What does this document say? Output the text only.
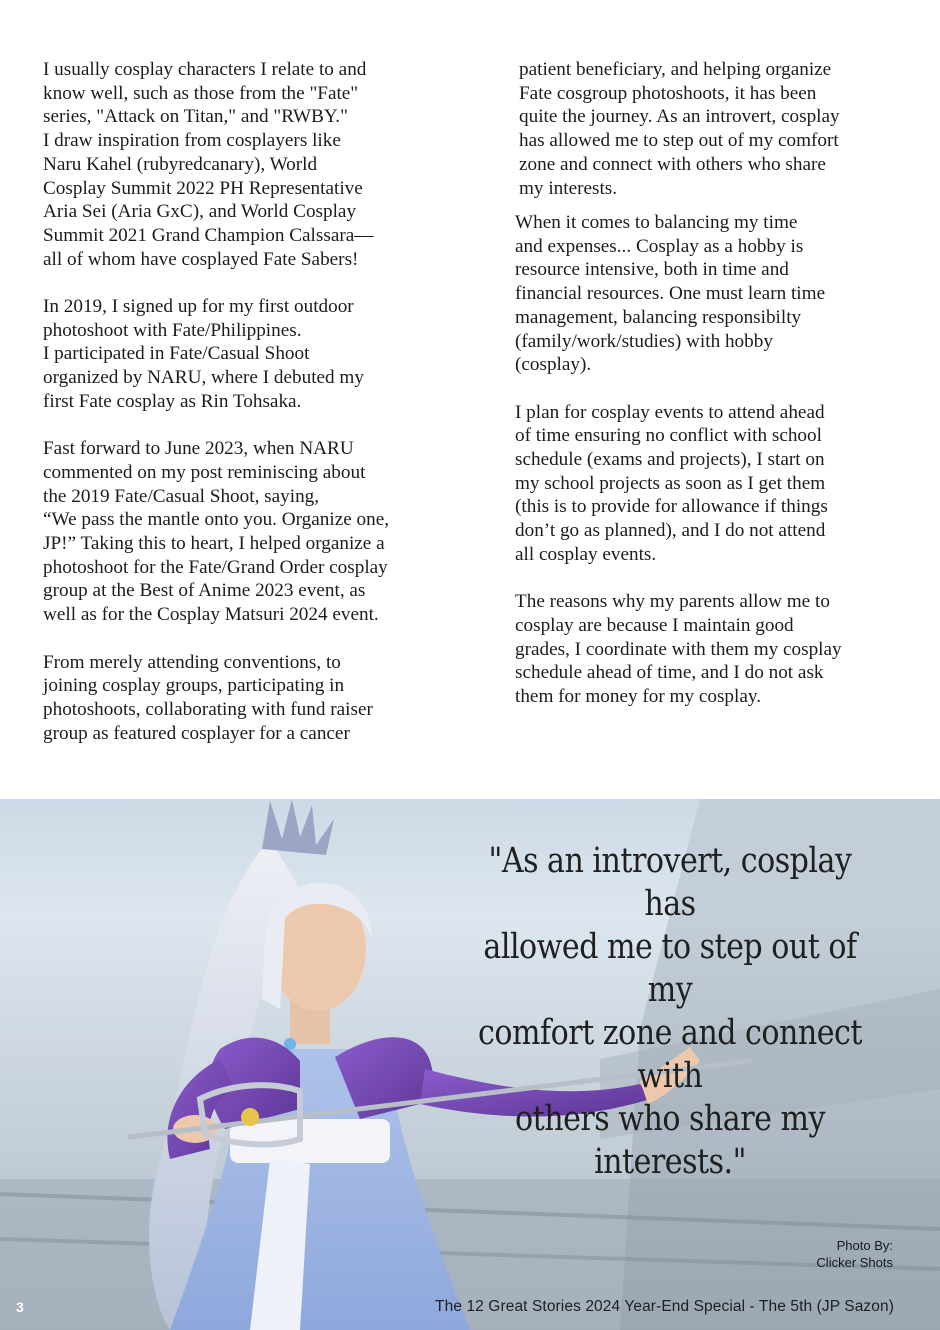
I usually cosplay characters I relate to and
know well, such as those from the "Fate"
series, "Attack on Titan," and "RWBY."
I draw inspiration from cosplayers like
Naru Kahel (rubyredcanary), World
Cosplay Summit 2022 PH Representative
Aria Sei (Aria GxC), and World Cosplay
Summit 2021 Grand Champion Calssara—
all of whom have cosplayed Fate Sabers!

In 2019, I signed up for my first outdoor
photoshoot with Fate/Philippines.
I participated in Fate/Casual Shoot
organized by NARU, where I debuted my
first Fate cosplay as Rin Tohsaka.

Fast forward to June 2023, when NARU
commented on my post reminiscing about
the 2019 Fate/Casual Shoot, saying,
“We pass the mantle onto you. Organize one,
JP!” Taking this to heart, I helped organize a
photoshoot for the Fate/Grand Order cosplay
group at the Best of Anime 2023 event, as
well as for the Cosplay Matsuri 2024 event.

From merely attending conventions, to
joining cosplay groups, participating in
photoshoots, collaborating with fund raiser
group as featured cosplayer for a cancer

patient beneficiary, and helping organize
Fate cosgroup photoshoots, it has been
quite the journey. As an introvert, cosplay
has allowed me to step out of my comfort
zone and connect with others who share
my interests.

When it comes to balancing my time
and expenses... Cosplay as a hobby is
resource intensive, both in time and
financial resources. One must learn time
management, balancing responsibilty
(family/work/studies) with hobby
(cosplay).

I plan for cosplay events to attend ahead
of time ensuring no conflict with school
schedule (exams and projects), I start on
my school projects as soon as I get them
(this is to provide for allowance if things
don’t go as planned), and I do not attend
all cosplay events.

The reasons why my parents allow me to
cosplay are because I maintain good
grades, I coordinate with them my cosplay
schedule ahead of time, and I do not ask
them for money for my cosplay.

"As an introvert, cosplay has
allowed me to step out of my
comfort zone and connect with
others who share my interests."
Photo By:
Clicker Shots
3	The 12 Great Stories 2024 Year-End Special - The 5th (JP Sazon)
